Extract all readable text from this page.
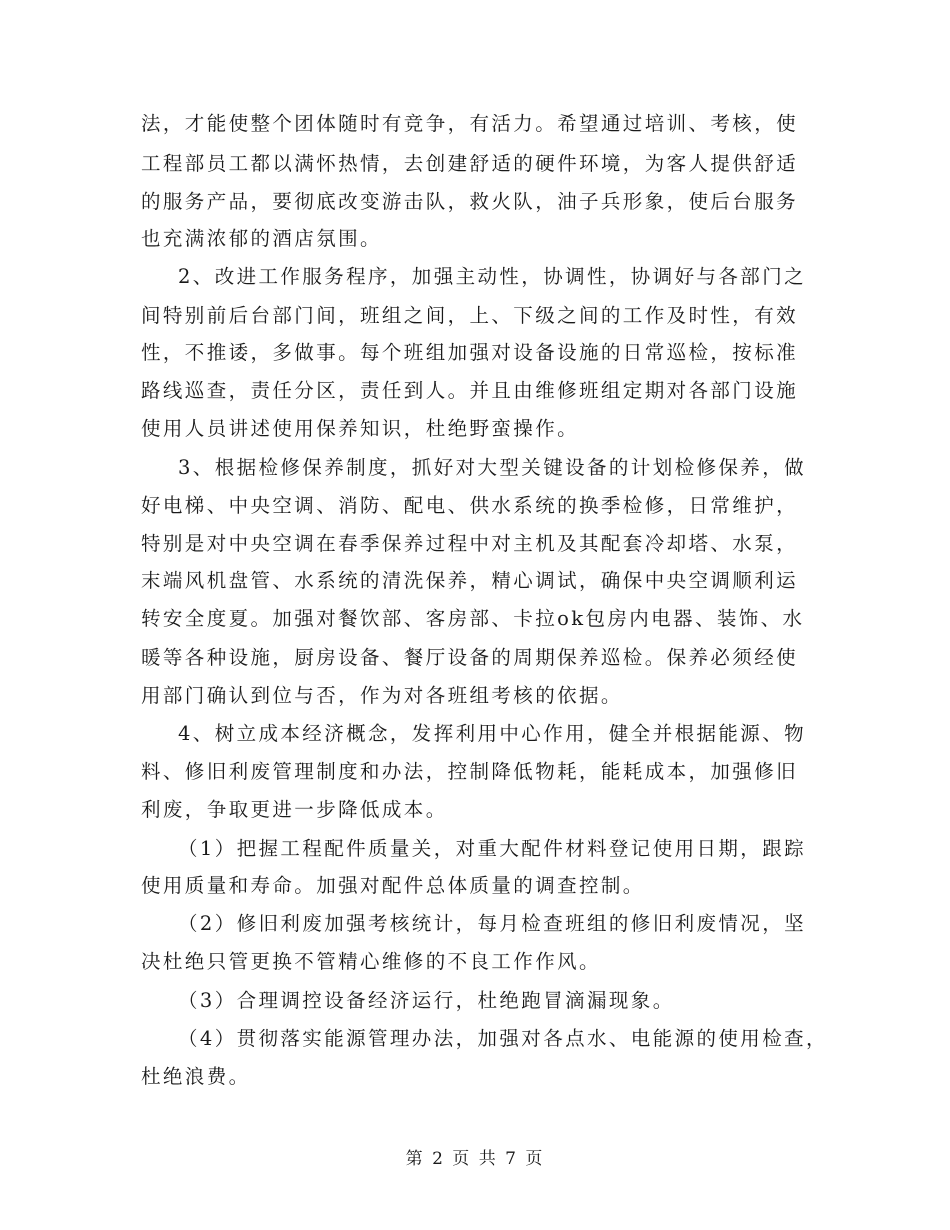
法，才能使整个团体随时有竞争，有活力。希望通过培训、考核，使
工程部员工都以满怀热情，去创建舒适的硬件环境，为客人提供舒适
的服务产品，要彻底改变游击队，救火队，油子兵形象，使后台服务
也充满浓郁的酒店氛围。
2、改进工作服务程序，加强主动性，协调性，协调好与各部门之
间特别前后台部门间，班组之间，上、下级之间的工作及时性，有效
性，不推诿，多做事。每个班组加强对设备设施的日常巡检，按标准
路线巡查，责任分区，责任到人。并且由维修班组定期对各部门设施
使用人员讲述使用保养知识，杜绝野蛮操作。
3、根据检修保养制度，抓好对大型关键设备的计划检修保养，做
好电梯、中央空调、消防、配电、供水系统的换季检修，日常维护，
特别是对中央空调在春季保养过程中对主机及其配套冷却塔、水泵，
末端风机盘管、水系统的清洗保养，精心调试，确保中央空调顺利运
转安全度夏。加强对餐饮部、客房部、卡拉ok包房内电器、装饰、水
暖等各种设施，厨房设备、餐厅设备的周期保养巡检。保养必须经使
用部门确认到位与否，作为对各班组考核的依据。
4、树立成本经济概念，发挥利用中心作用，健全并根据能源、物
料、修旧利废管理制度和办法，控制降低物耗，能耗成本，加强修旧
利废，争取更进一步降低成本。
（1）把握工程配件质量关，对重大配件材料登记使用日期，跟踪
使用质量和寿命。加强对配件总体质量的调查控制。
（2）修旧利废加强考核统计，每月检查班组的修旧利废情况，坚
决杜绝只管更换不管精心维修的不良工作作风。
（3）合理调控设备经济运行，杜绝跑冒滴漏现象。
（4）贯彻落实能源管理办法，加强对各点水、电能源的使用检查，
杜绝浪费。
第 2 页 共 7 页
